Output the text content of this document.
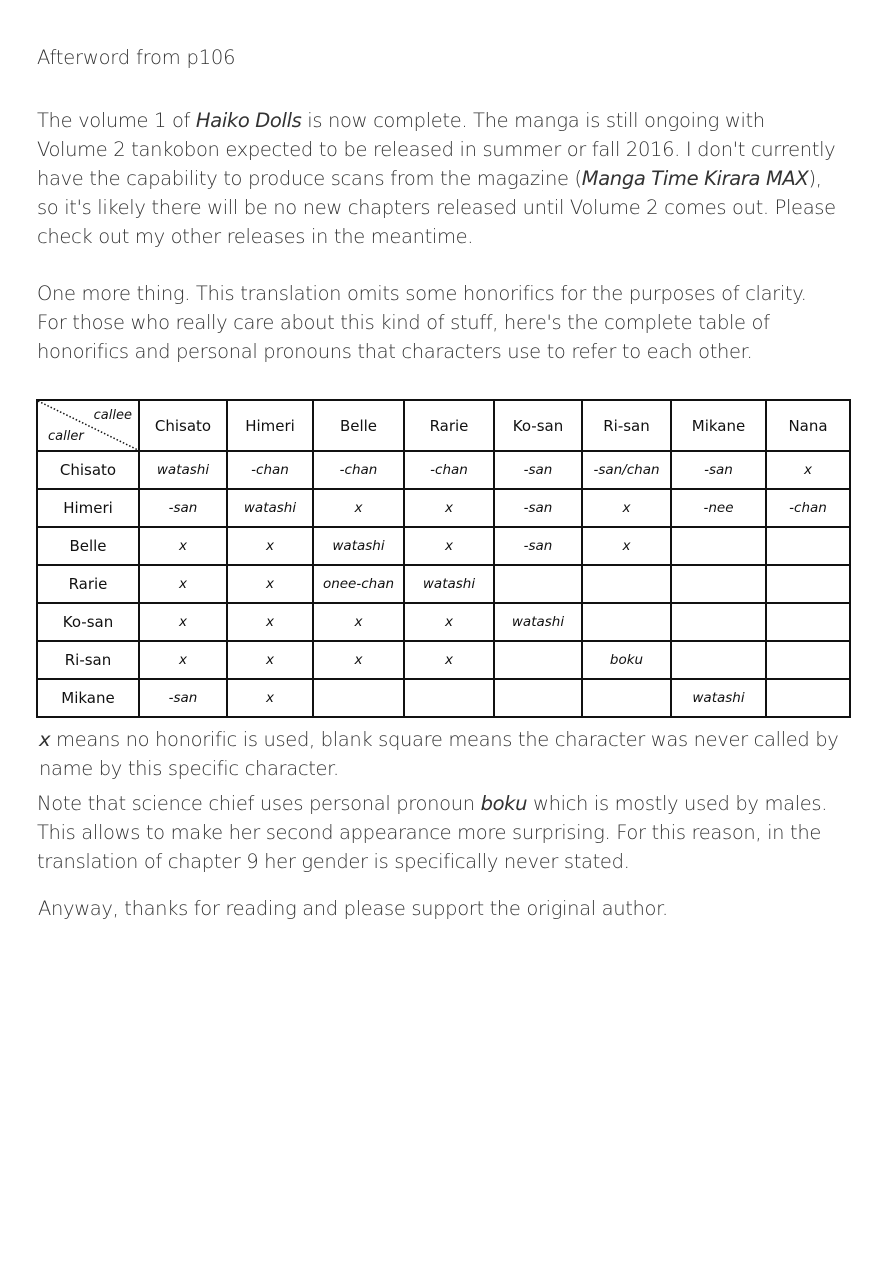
Afterword from p106

The volume 1 of Haiko Dolls is now complete. The manga is still ongoing with Volume 2 tankobon expected to be released in summer or fall 2016. I don't currently have the capability to produce scans from the magazine (Manga Time Kirara MAX), so it's likely there will be no new chapters released until Volume 2 comes out. Please check out my other releases in the meantime.

One more thing. This translation omits some honorifics for the purposes of clarity. For those who really care about this kind of stuff, here's the complete table of honorifics and personal pronouns that characters use to refer to each other.

callee
caller	Chisato	Himeri	Belle	Rarie	Ko-san	Ri-san	Mikane	Nana
Chisato	watashi	-chan	-chan	-chan	-san	-san/chan	-san	x
Himeri	-san	watashi	x	x	-san	x	-nee	-chan
Belle	x	x	watashi	x	-san	x		
Rarie	x	x	onee-chan	watashi				
Ko-san	x	x	x	x	watashi			
Ri-san	x	x	x	x		boku		
Mikane	-san	x					watashi	

x means no honorific is used, blank square means the character was never called by name by this specific character.

Note that science chief uses personal pronoun boku which is mostly used by males. This allows to make her second appearance more surprising. For this reason, in the translation of chapter 9 her gender is specifically never stated.

Anyway, thanks for reading and please support the original author.
